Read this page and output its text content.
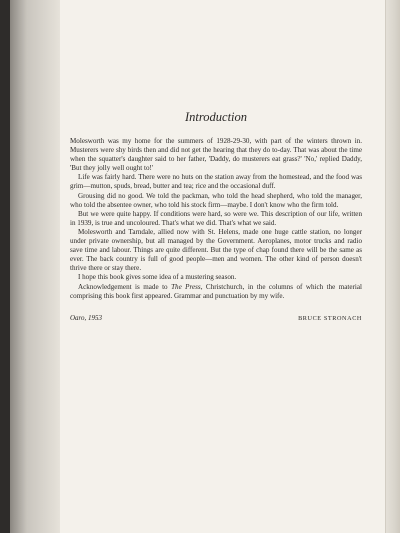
Introduction

Molesworth was my home for the summers of 1928-29-30, with part of the winters thrown in. Musterers were shy birds then and did not get the hearing that they do to-day. That was about the time when the squatter's daughter said to her father, 'Daddy, do musterers eat grass?' 'No,' replied Daddy, 'But they jolly well ought to!'

Life was fairly hard. There were no huts on the station away from the homestead, and the food was grim—mutton, spuds, bread, butter and tea; rice and the occasional duff.

Grousing did no good. We told the packman, who told the head shepherd, who told the manager, who told the absentee owner, who told his stock firm—maybe. I don't know who the firm told.

But we were quite happy. If conditions were hard, so were we. This description of our life, written in 1939, is true and uncoloured. That's what we did. That's what we said.

Molesworth and Tarndale, allied now with St. Helens, made one huge cattle station, no longer under private ownership, but all managed by the Government. Aeroplanes, motor trucks and radio save time and labour. Things are quite different. But the type of chap found there will be the same as ever. The back country is full of good people—men and women. The other kind of person doesn't thrive there or stay there.

I hope this book gives some idea of a mustering season.

Acknowledgement is made to The Press, Christchurch, in the columns of which the material comprising this book first appeared. Grammar and punctuation by my wife.

Oaro, 1953	BRUCE STRONACH
